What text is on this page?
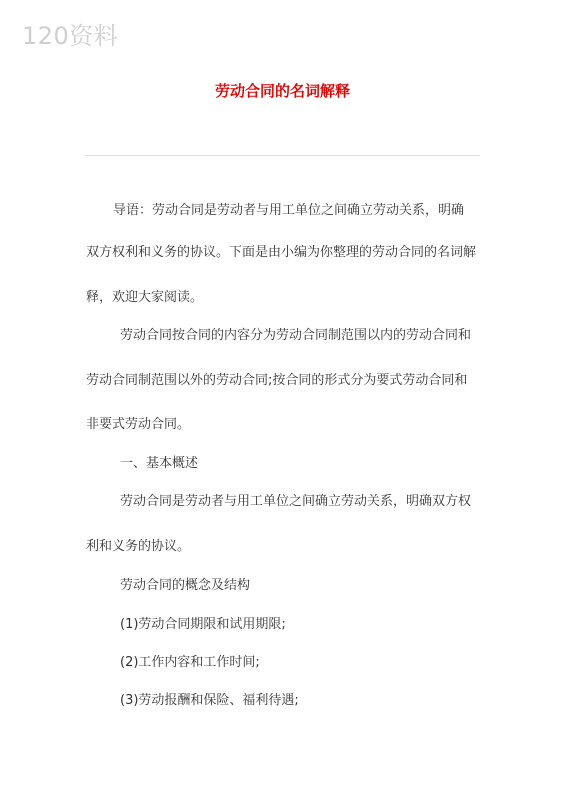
120资料
劳动合同的名词解释
导语：劳动合同是劳动者与用工单位之间确立劳动关系，明确
双方权利和义务的协议。下面是由小编为你整理的劳动合同的名词解
释，欢迎大家阅读。
劳动合同按合同的内容分为劳动合同制范围以内的劳动合同和
劳动合同制范围以外的劳动合同;按合同的形式分为要式劳动合同和
非要式劳动合同。
一、基本概述
劳动合同是劳动者与用工单位之间确立劳动关系，明确双方权
利和义务的协议。
劳动合同的概念及结构
(1)劳动合同期限和试用期限;
(2)工作内容和工作时间;
(3)劳动报酬和保险、福利待遇;
